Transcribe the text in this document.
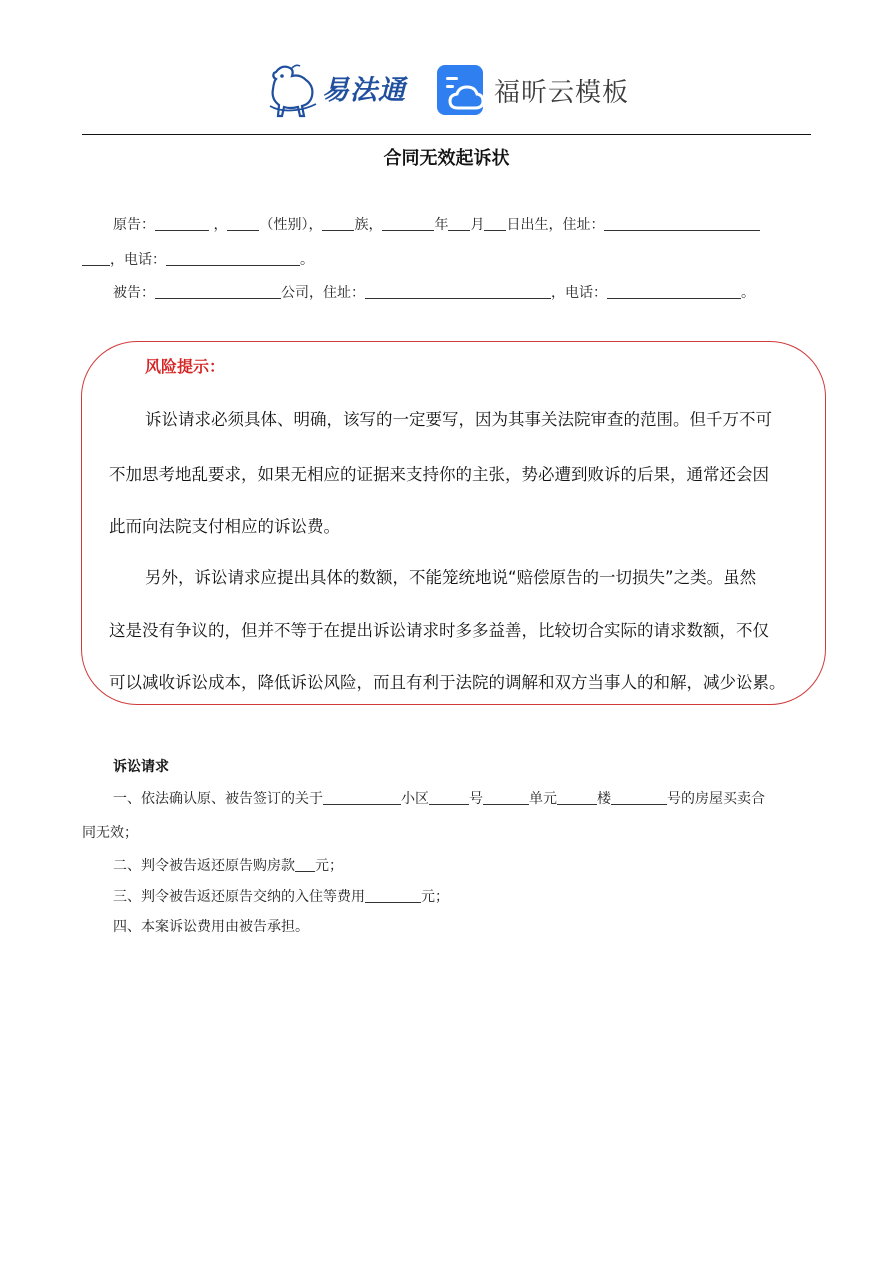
易法通	福昕云模板
合同无效起诉状
原告：	， （性别）， 族，	年 月 日出生，住址：
，电话：	。
被告：	公司，住址：	，电话：	。
风险提示：
诉讼请求必须具体、明确，该写的一定要写，因为其事关法院审查的范围。但千万不可
不加思考地乱要求，如果无相应的证据来支持你的主张，势必遭到败诉的后果，通常还会因
此而向法院支付相应的诉讼费。
另外，诉讼请求应提出具体的数额，不能笼统地说“赔偿原告的一切损失”之类。虽然
这是没有争议的，但并不等于在提出诉讼请求时多多益善，比较切合实际的请求数额，不仅
可以减收诉讼成本，降低诉讼风险，而且有利于法院的调解和双方当事人的和解，减少讼累。
诉讼请求
一、依法确认原、被告签订的关于	小区	号	单元	楼	号的房屋买卖合
同无效；
二、判令被告返还原告购房款 元；
三、判令被告返还原告交纳的入住等费用	元；
四、本案诉讼费用由被告承担。
